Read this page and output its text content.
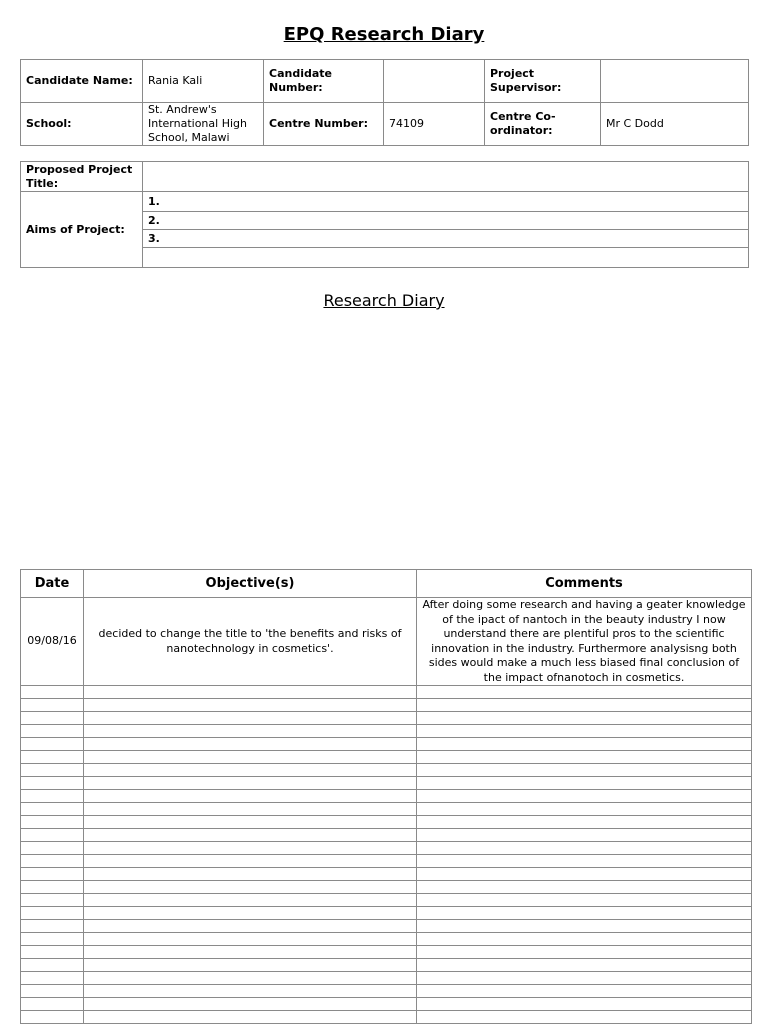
EPQ Research Diary
Candidate Name:	Rania Kali	Candidate Number:		Project Supervisor:	
School:	St. Andrew's International High School, Malawi	Centre Number:	74109	Centre Co-ordinator:	Mr C Dodd
Proposed Project Title:	
Aims of Project:	1.
	2.
	3.

Research Diary
Date	Objective(s)	Comments
09/08/16	decided to change the title to 'the benefits and risks of nanotechnology in cosmetics'.	After doing some research and having a geater knowledge of the ipact of nantoch in the beauty industry I now understand there are plentiful pros to the scientific innovation in the industry. Furthermore analysisng both sides would make a much less biased final conclusion of the impact ofnanotoch in cosmetics.
